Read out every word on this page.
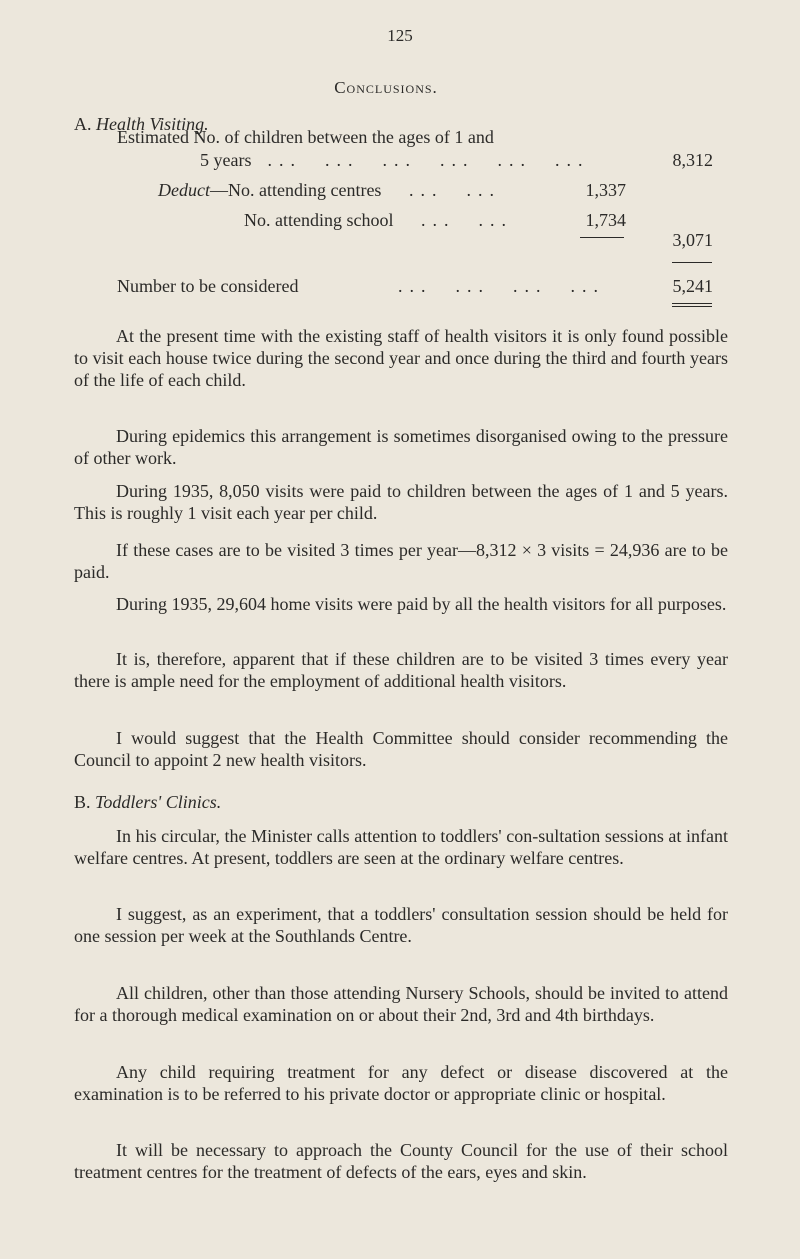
125
Conclusions.
A. Health Visiting.
Estimated No. of children between the ages of 1 and
5 years  ...  ...  ...  ...  ...  ...	8,312
Deduct—No. attending centres   ...  ...	1,337
No. attending school   ...  ...	1,734
3,071
Number to be considered	...  ...  ...  ...	5,241

At the present time with the existing staff of health visitors it is only found possible to visit each house twice during the second year and once during the third and fourth years of the life of each child.

During epidemics this arrangement is sometimes disorganised owing to the pressure of other work.

During 1935, 8,050 visits were paid to children between the ages of 1 and 5 years. This is roughly 1 visit each year per child.

If these cases are to be visited 3 times per year—8,312 × 3 visits = 24,936 are to be paid.

During 1935, 29,604 home visits were paid by all the health visitors for all purposes.

It is, therefore, apparent that if these children are to be visited 3 times every year there is ample need for the employment of additional health visitors.

I would suggest that the Health Committee should consider recommending the Council to appoint 2 new health visitors.

B. Toddlers' Clinics.

In his circular, the Minister calls attention to toddlers' con-sultation sessions at infant welfare centres. At present, toddlers are seen at the ordinary welfare centres.

I suggest, as an experiment, that a toddlers' consultation session should be held for one session per week at the Southlands Centre.

All children, other than those attending Nursery Schools, should be invited to attend for a thorough medical examination on or about their 2nd, 3rd and 4th birthdays.

Any child requiring treatment for any defect or disease discovered at the examination is to be referred to his private doctor or appropriate clinic or hospital.

It will be necessary to approach the County Council for the use of their school treatment centres for the treatment of defects of the ears, eyes and skin.
